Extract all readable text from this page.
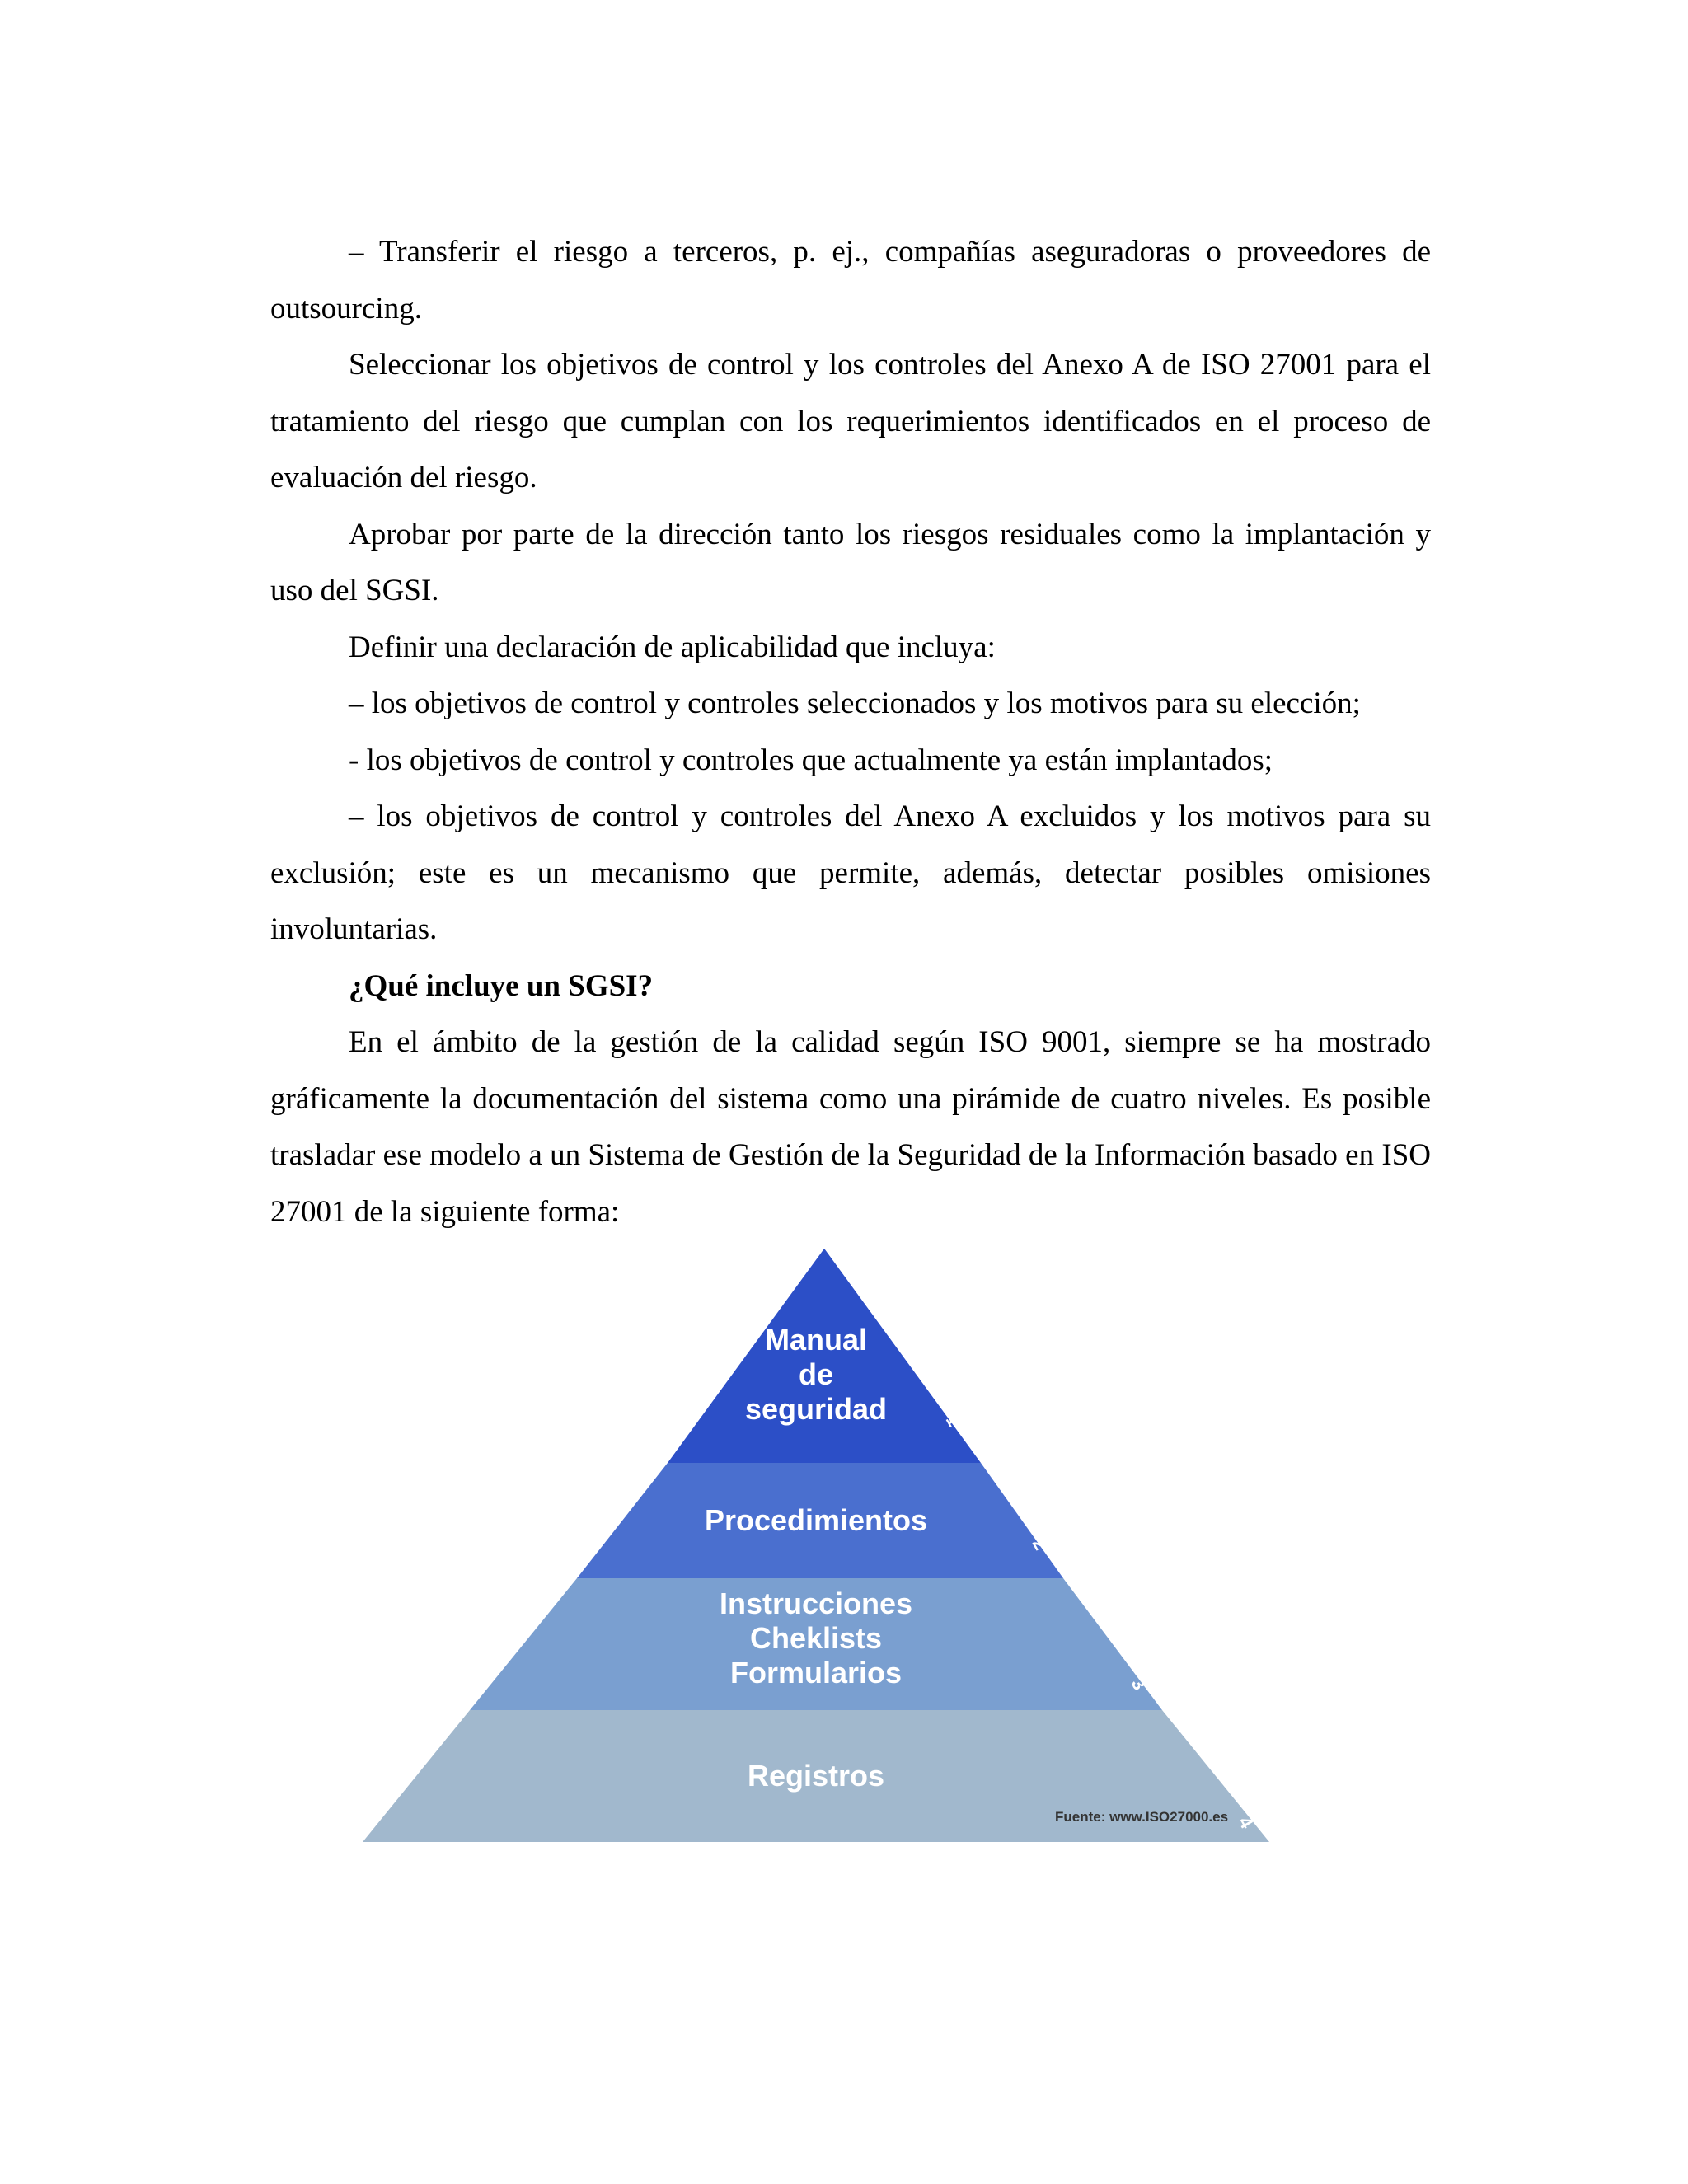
– Transferir el riesgo a terceros, p. ej., compañías aseguradoras o proveedores de outsourcing.

Seleccionar los objetivos de control y los controles del Anexo A de ISO 27001 para el tratamiento del riesgo que cumplan con los requerimientos identificados en el proceso de evaluación del riesgo.

Aprobar por parte de la dirección tanto los riesgos residuales como la implantación y uso del SGSI.

Definir una declaración de aplicabilidad que incluya:

– los objetivos de control y controles seleccionados y los motivos para su elección;

- los objetivos de control y controles que actualmente ya están implantados;

– los objetivos de control y controles del Anexo A excluidos y los motivos para su exclusión; este es un mecanismo que permite, además, detectar posibles omisiones involuntarias.

¿Qué incluye un SGSI?

En el ámbito de la gestión de la calidad según ISO 9001, siempre se ha mostrado gráficamente la documentación del sistema como una pirámide de cuatro niveles. Es posible trasladar ese modelo a un Sistema de Gestión de la Seguridad de la Información basado en ISO 27001 de la siguiente forma:

Manual
de
seguridad
Procedimientos
Instrucciones
Cheklists
Formularios
Registros
1
2
3
4
Fuente: www.ISO27000.es
